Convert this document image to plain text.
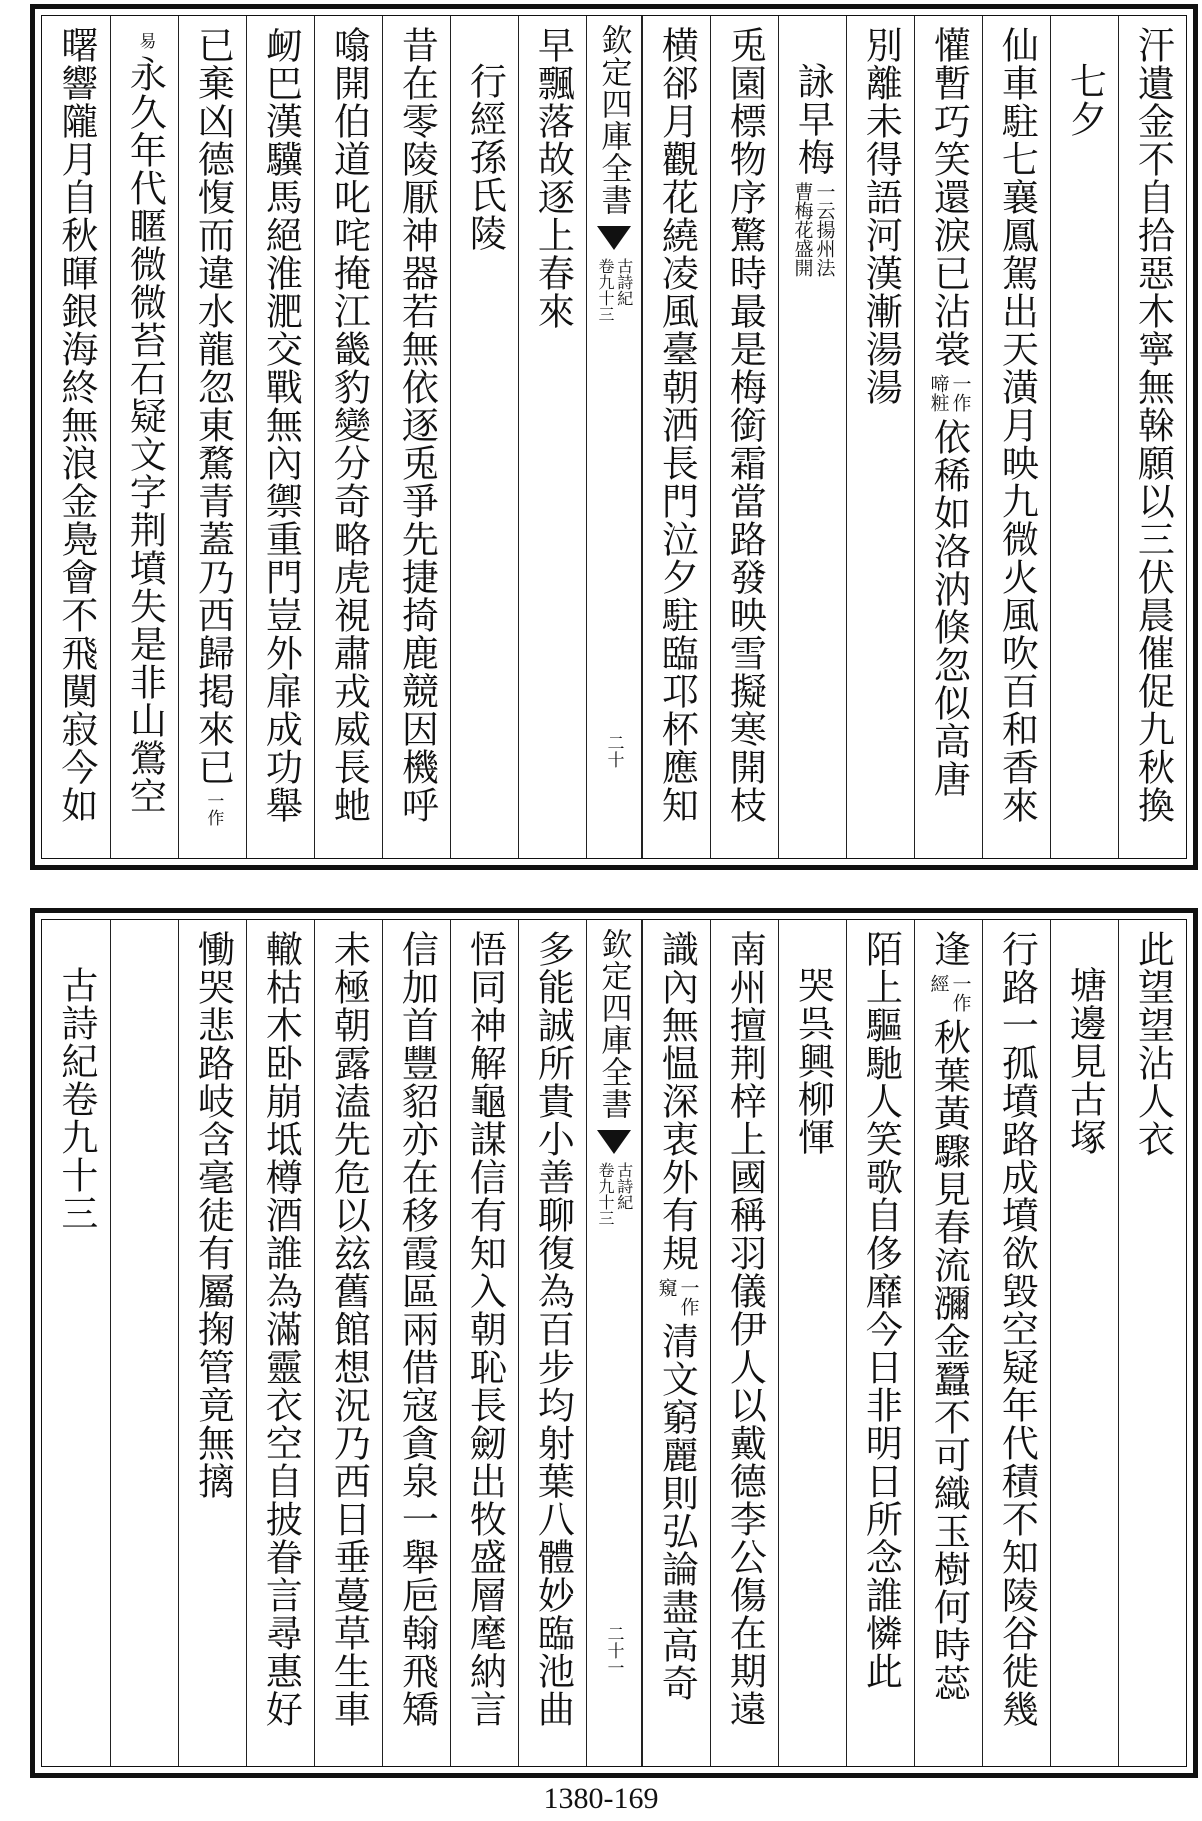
汗遺金不自拾惡木寧無榦願以三伏晨催促九秋換
七夕
仙車駐七襄鳳駕出天潢月映九微火風吹百和香來
懽暫巧笑還淚已沾裳
一作
啼粧
依稀如洛汭倏忽似高唐
別離未得語河漢漸湯湯
詠早梅
一云揚州法
曹梅花盛開
兎園標物序驚時最是梅銜霜當路發映雪擬寒開枝
横郤月觀花繞凌風臺朝洒長門泣夕駐臨邛杯應知
欽定四庫全書
古詩紀
卷九十三
二十
早飄落故逐上春來
行經孫氏陵
昔在零陵厭神器若無依逐兎爭先捷掎鹿競因機呼
噏開伯道叱咤掩江畿豹變分奇略虎視肅戎威長虵
衂巴漢驥馬絕淮淝交戰無內禦重門豈外扉成功舉
已棄凶德愎而違水龍忽東騖青蓋乃西歸掲來已
一作
易
永久年代䁥微微苔石疑文字荆墳失是非山鶯空
曙響隴月自秋暉銀海終無浪金鳧會不飛闃寂今如
此望望沾人衣
塘邊見古塚
行路一孤墳路成墳欲毀空疑年代積不知陵谷徙幾
逢
一作
經
秋葉黃驟見春流瀰金蠶不可織玉樹何時蕊
陌上驅馳人笑歌自侈靡今日非明日所念誰憐此
哭呉興柳惲
南州擅荆梓上國稱羽儀伊人以戴德李公傷在期遠
識內無愠深衷外有規
一作
窺
清文窮麗則弘論盡高奇
欽定四庫全書
古詩紀
卷九十三
二十一
多能誠所貴小善聊復為百步均射葉八體妙臨池曲
悟同神解龜謀信有知入朝恥長劒出牧盛層麾納言
信加首豐貂亦在移霞區兩借寇貪泉一舉巵翰飛矯
未極朝露溘先危以玆舊館想況乃西日垂蔓草生車
轍枯木卧崩坻樽酒誰為滿靈衣空自披眷言尋惠好
慟哭悲路岐含毫徒有屬掬管竟無摛
古詩紀卷九十三
1380-169
